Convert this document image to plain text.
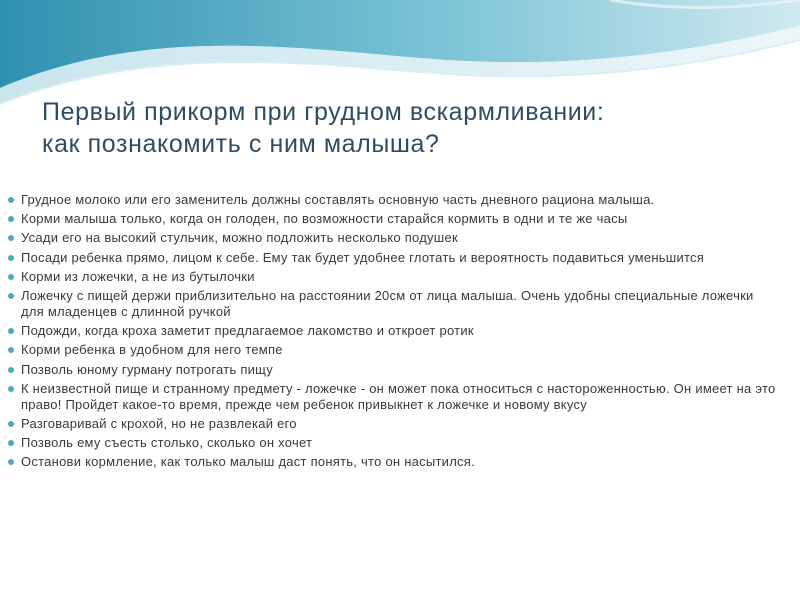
Первый прикорм при грудном вскармливании:
как познакомить с ним малыша?
Грудное молоко или его заменитель должны составлять основную часть дневного рациона малыша.
Корми малыша только, когда он голоден, по возможности старайся кормить в одни и те же часы
Усади его на высокий стульчик, можно подложить несколько подушек
Посади ребенка прямо, лицом к себе. Ему так будет удобнее глотать и вероятность подавиться уменьшится
Корми из ложечки, а не из бутылочки
Ложечку с пищей держи приблизительно на расстоянии 20см от лица малыша. Очень удобны специальные ложечки для младенцев с длинной ручкой
Подожди, когда кроха заметит предлагаемое лакомство и откроет ротик
Корми ребенка в удобном для него темпе
Позволь юному гурману потрогать пищу
К неизвестной пище и странному предмету - ложечке - он может пока относиться с настороженностью. Он имеет на это право! Пройдет какое-то время, прежде чем ребенок привыкнет к ложечке и новому вкусу
Разговаривай с крохой, но не развлекай его
Позволь ему съесть столько, сколько он хочет
Останови кормление, как только малыш даст понять, что он насытился.
